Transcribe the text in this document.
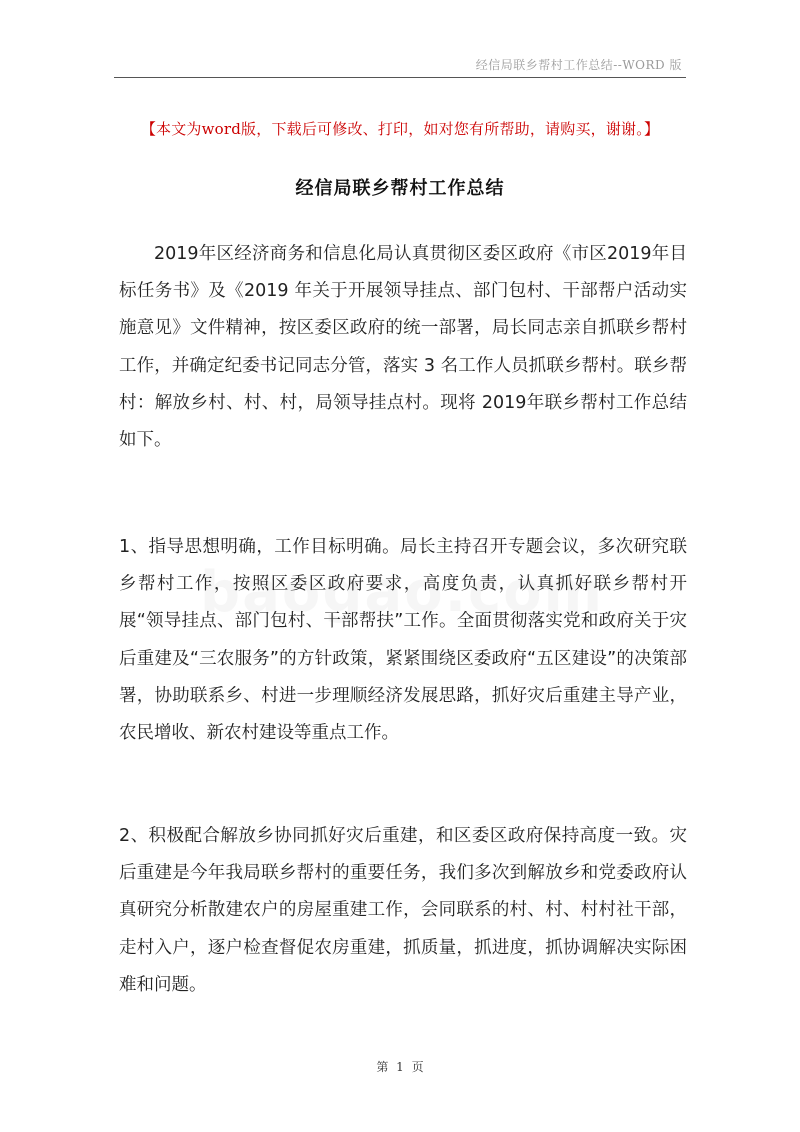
经信局联乡帮村工作总结--WORD 版
【本文为word版，下载后可修改、打印，如对您有所帮助，请购买，谢谢。】
经信局联乡帮村工作总结

2019年区经济商务和信息化局认真贯彻区委区政府《市区2019年目标任务书》及《2019 年关于开展领导挂点、部门包村、干部帮户活动实施意见》文件精神，按区委区政府的统一部署，局长同志亲自抓联乡帮村工作，并确定纪委书记同志分管，落实 3 名工作人员抓联乡帮村。联乡帮村：解放乡村、村、村，局领导挂点村。现将 2019年联乡帮村工作总结如下。

1、指导思想明确，工作目标明确。局长主持召开专题会议，多次研究联乡帮村工作，按照区委区政府要求，高度负责，认真抓好联乡帮村开展“领导挂点、部门包村、干部帮扶”工作。全面贯彻落实党和政府关于灾后重建及“三农服务”的方针政策，紧紧围绕区委政府“五区建设”的决策部署，协助联系乡、村进一步理顺经济发展思路，抓好灾后重建主导产业，农民增收、新农村建设等重点工作。

2、积极配合解放乡协同抓好灾后重建，和区委区政府保持高度一致。灾后重建是今年我局联乡帮村的重要任务，我们多次到解放乡和党委政府认真研究分析散建农户的房屋重建工作，会同联系的村、村、村村社干部，走村入户，逐户检查督促农房重建，抓质量，抓进度，抓协调解决实际困难和问题。

第 1 页
